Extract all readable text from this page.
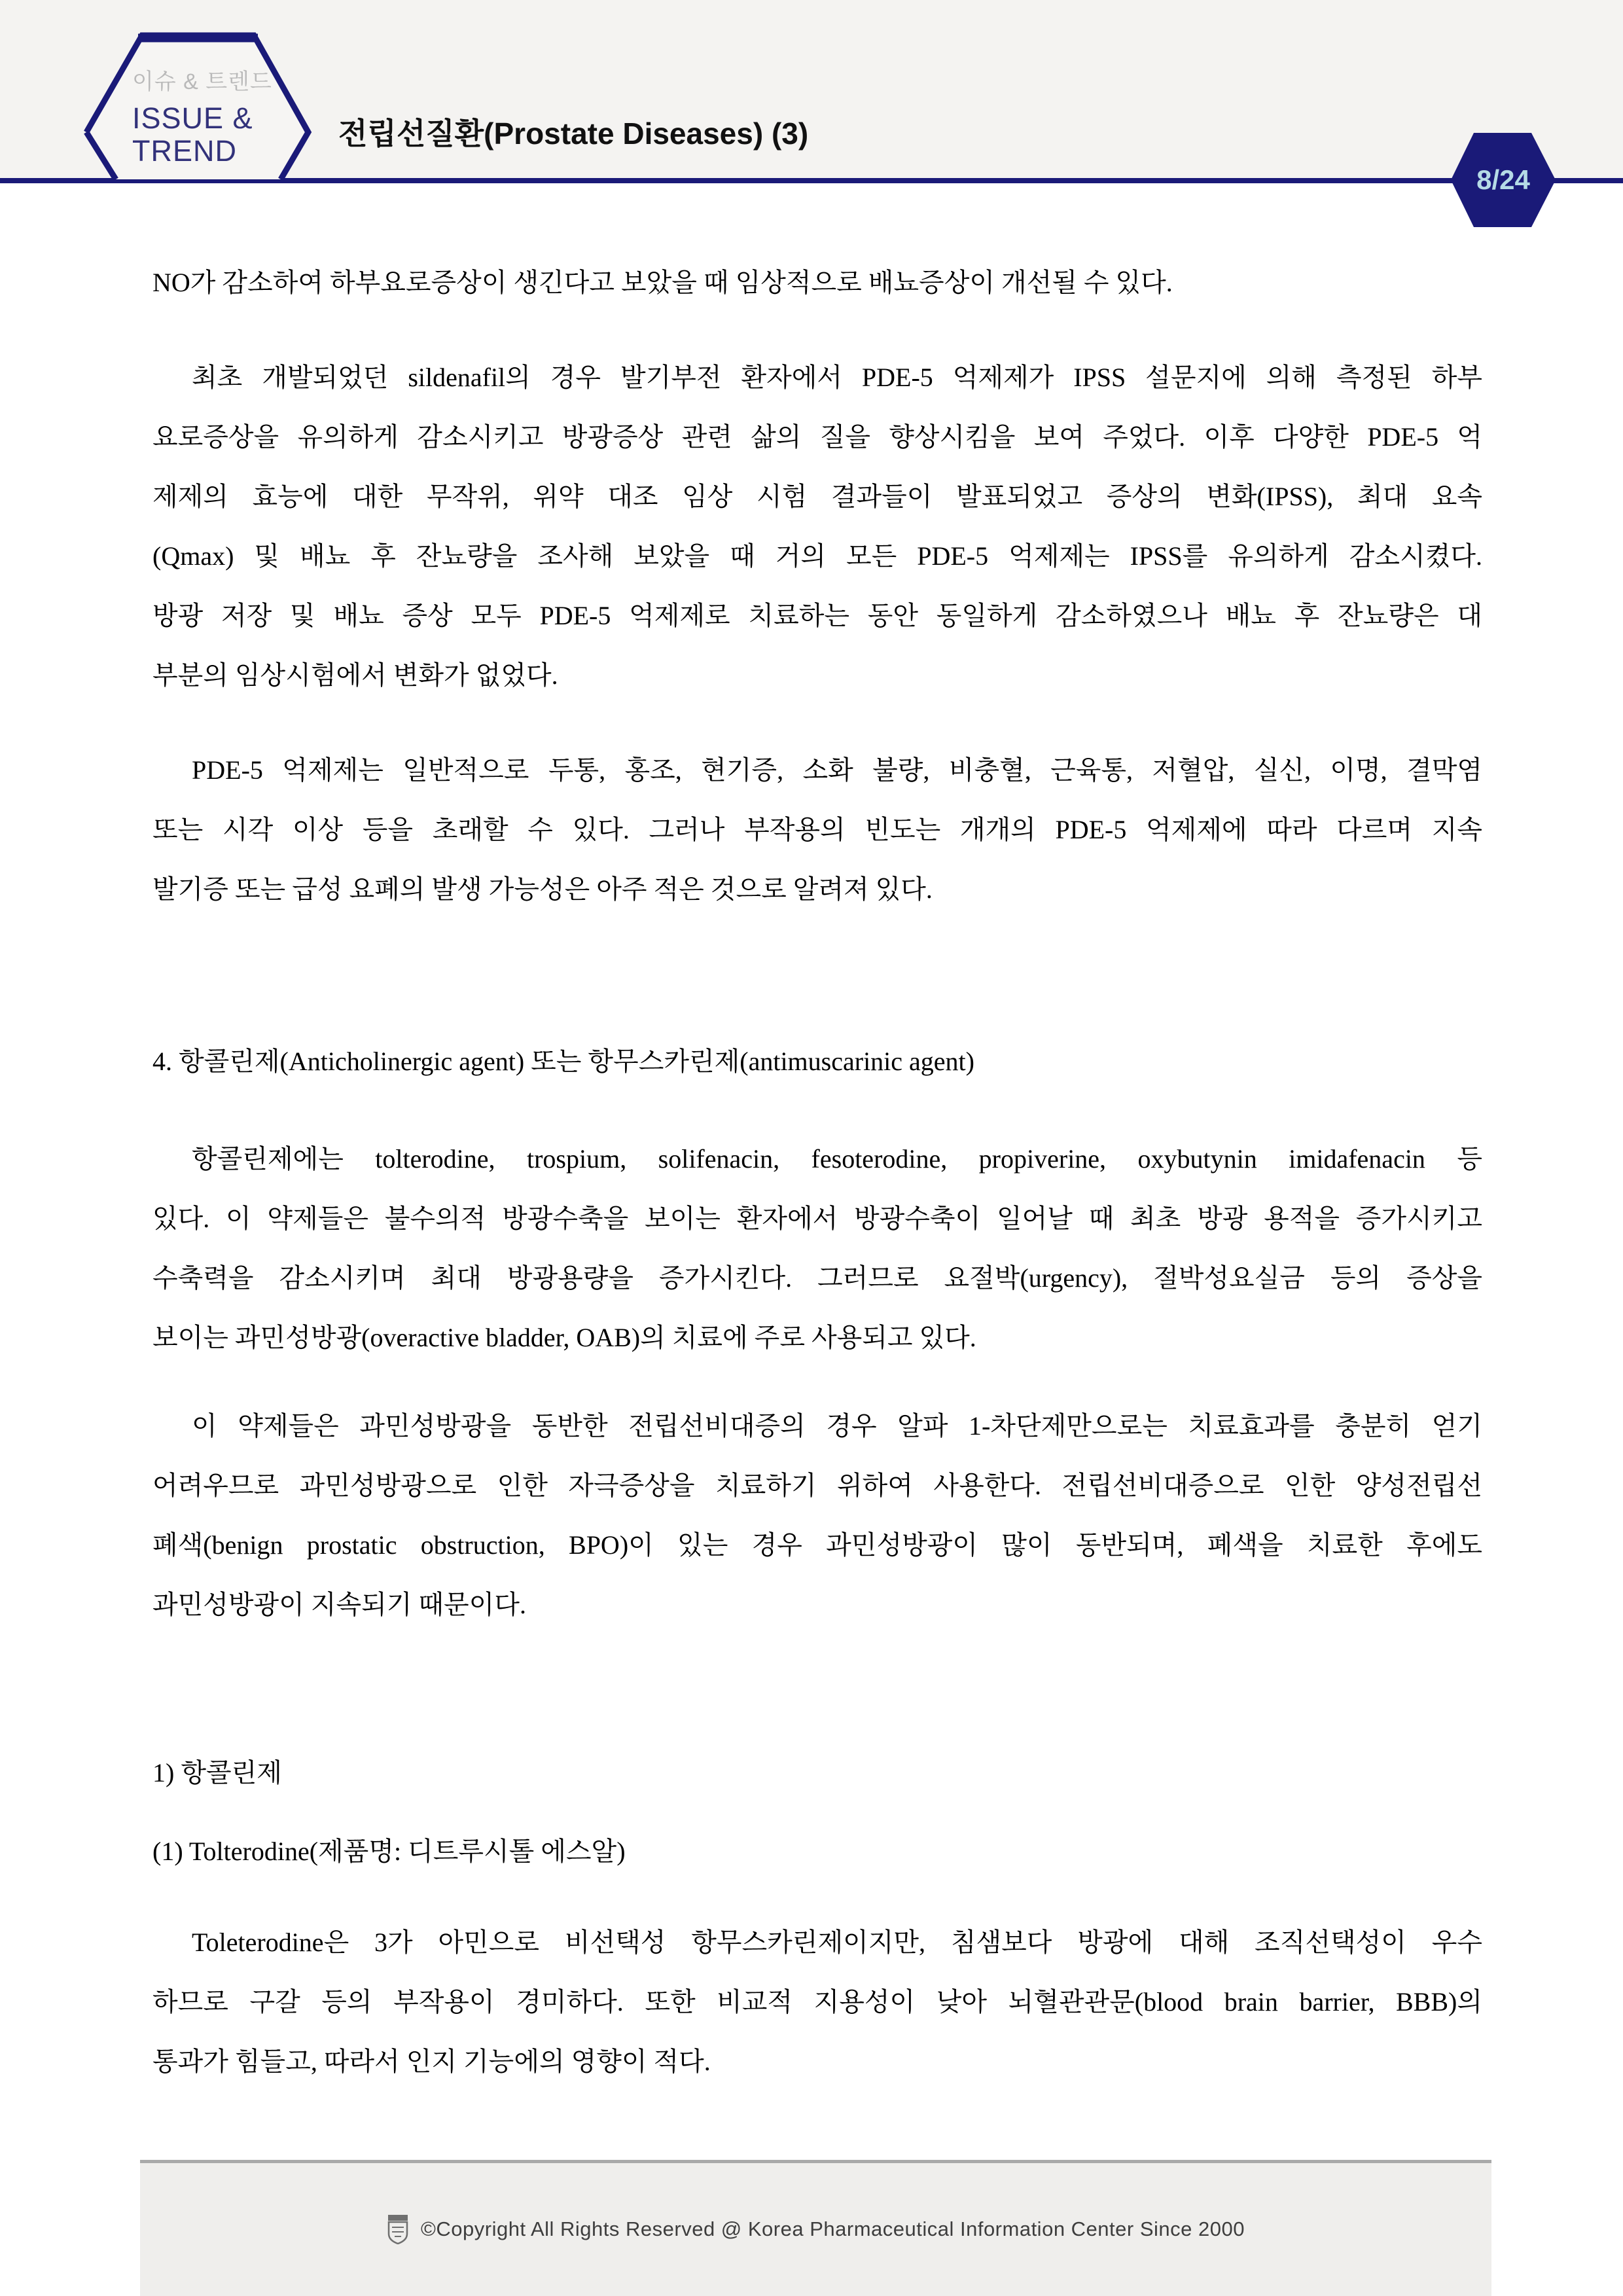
이슈 & 트렌드
ISSUE &
TREND
전립선질환(Prostate Diseases) (3)
8/24
NO가 감소하여 하부요로증상이 생긴다고 보았을 때 임상적으로 배뇨증상이 개선될 수 있다.
최초 개발되었던 sildenafil의 경우 발기부전 환자에서 PDE-5 억제제가 IPSS 설문지에 의해 측정된 하부
요로증상을 유의하게 감소시키고 방광증상 관련 삶의 질을 향상시킴을 보여 주었다. 이후 다양한 PDE-5 억
제제의 효능에 대한 무작위, 위약 대조 임상 시험 결과들이 발표되었고 증상의 변화(IPSS), 최대 요속
(Qmax) 및 배뇨 후 잔뇨량을 조사해 보았을 때 거의 모든 PDE-5 억제제는 IPSS를 유의하게 감소시켰다.
방광 저장 및 배뇨 증상 모두 PDE-5 억제제로 치료하는 동안 동일하게 감소하였으나 배뇨 후 잔뇨량은 대
부분의 임상시험에서 변화가 없었다.
PDE-5 억제제는 일반적으로 두통, 홍조, 현기증, 소화 불량, 비충혈, 근육통, 저혈압, 실신, 이명, 결막염
또는 시각 이상 등을 초래할 수 있다. 그러나 부작용의 빈도는 개개의 PDE-5 억제제에 따라 다르며 지속
발기증 또는 급성 요폐의 발생 가능성은 아주 적은 것으로 알려져 있다.
4. 항콜린제(Anticholinergic agent) 또는 항무스카린제(antimuscarinic agent)
항콜린제에는 tolterodine, trospium, solifenacin, fesoterodine, propiverine, oxybutynin imidafenacin 등
있다. 이 약제들은 불수의적 방광수축을 보이는 환자에서 방광수축이 일어날 때 최초 방광 용적을 증가시키고
수축력을 감소시키며 최대 방광용량을 증가시킨다. 그러므로 요절박(urgency), 절박성요실금 등의 증상을
보이는 과민성방광(overactive bladder, OAB)의 치료에 주로 사용되고 있다.
이 약제들은 과민성방광을 동반한 전립선비대증의 경우 알파 1-차단제만으로는 치료효과를 충분히 얻기
어려우므로 과민성방광으로 인한 자극증상을 치료하기 위하여 사용한다. 전립선비대증으로 인한 양성전립선
폐색(benign prostatic obstruction, BPO)이 있는 경우 과민성방광이 많이 동반되며, 폐색을 치료한 후에도
과민성방광이 지속되기 때문이다.
1) 항콜린제
(1) Tolterodine(제품명: 디트루시톨 에스알)
Toleterodine은 3가 아민으로 비선택성 항무스카린제이지만, 침샘보다 방광에 대해 조직선택성이 우수
하므로 구갈 등의 부작용이 경미하다. 또한 비교적 지용성이 낮아 뇌혈관관문(blood brain barrier, BBB)의
통과가 힘들고, 따라서 인지 기능에의 영향이 적다.
©Copyright All Rights Reserved @ Korea Pharmaceutical Information Center Since 2000
